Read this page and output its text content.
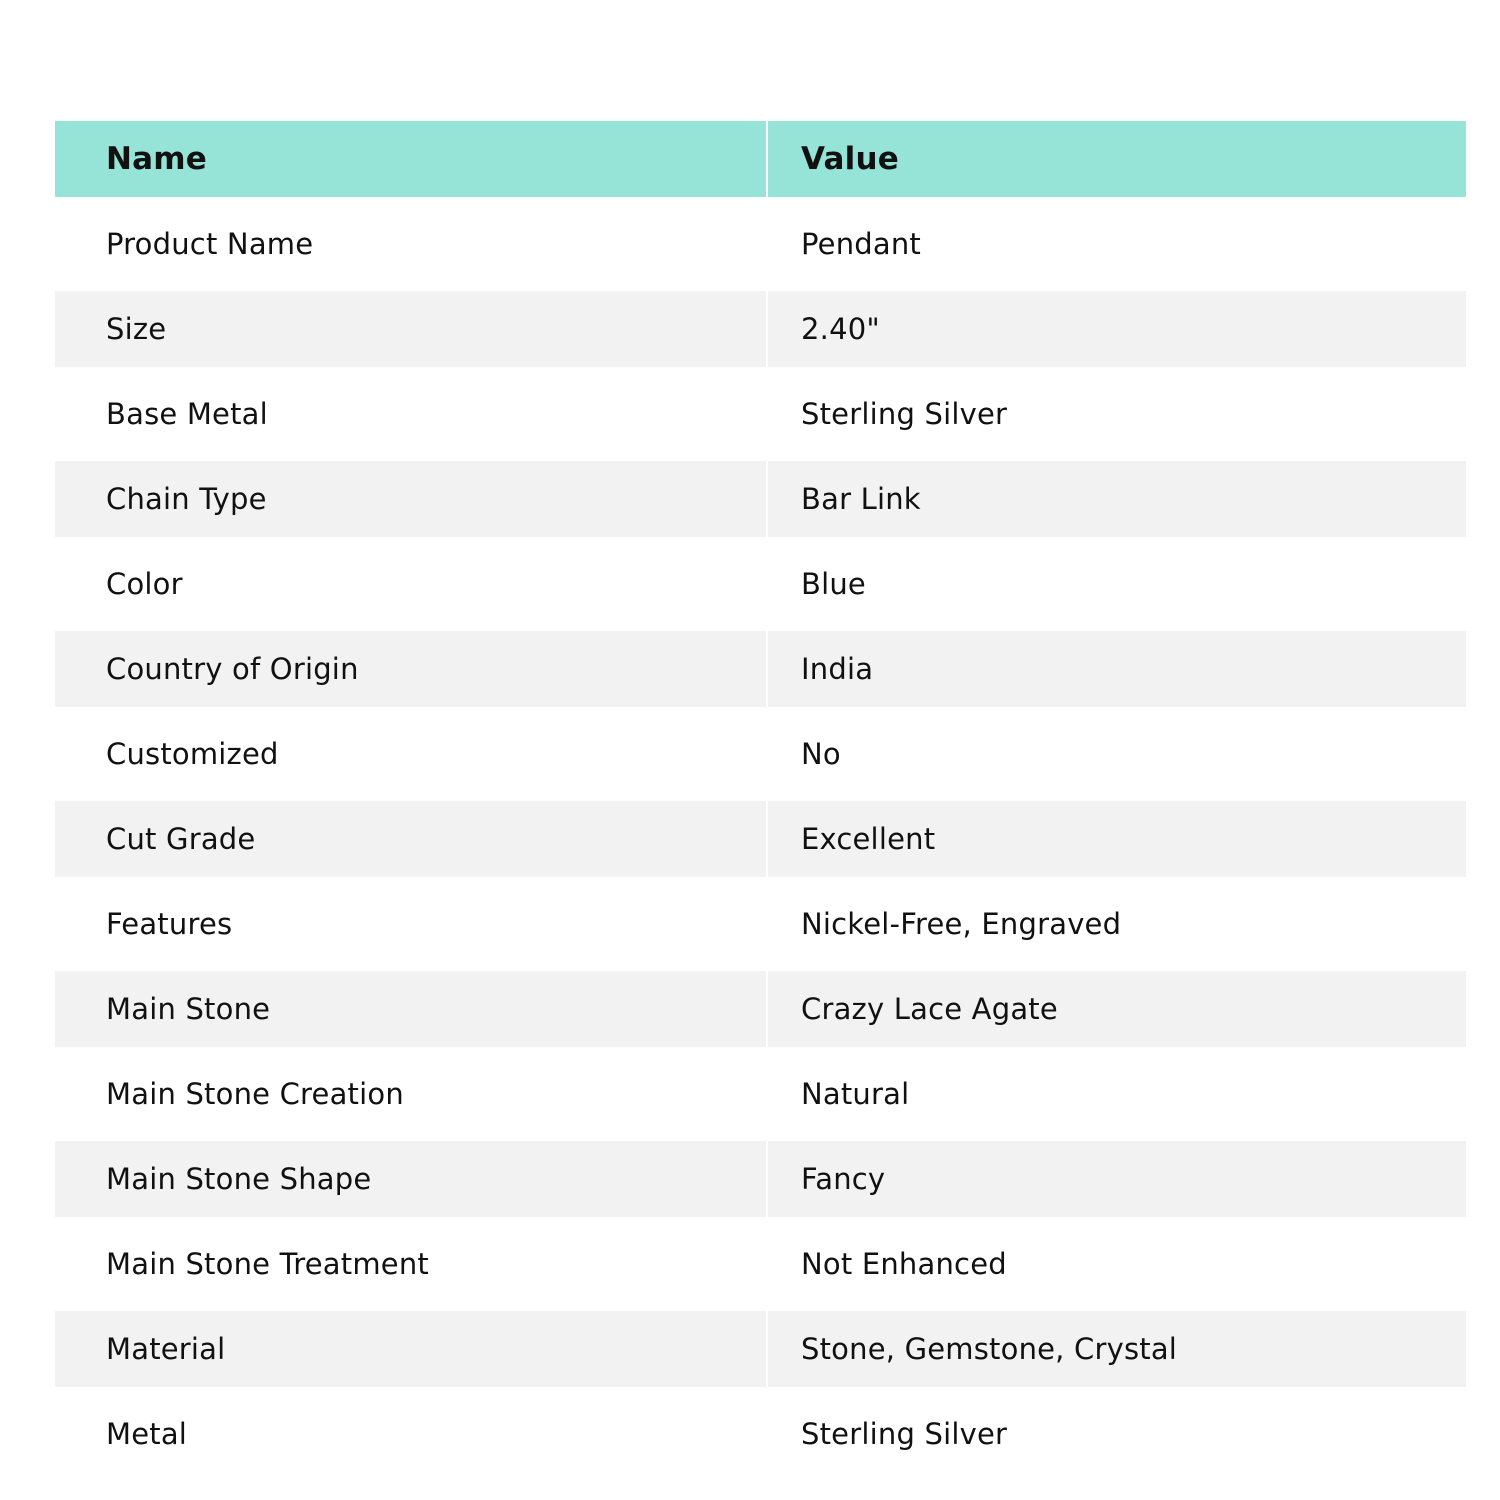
Name	Value
Product Name	Pendant
Size	2.40"
Base Metal	Sterling Silver
Chain Type	Bar Link
Color	Blue
Country of Origin	India
Customized	No
Cut Grade	Excellent
Features	Nickel-Free, Engraved
Main Stone	Crazy Lace Agate
Main Stone Creation	Natural
Main Stone Shape	Fancy
Main Stone Treatment	Not Enhanced
Material	Stone, Gemstone, Crystal
Metal	Sterling Silver
